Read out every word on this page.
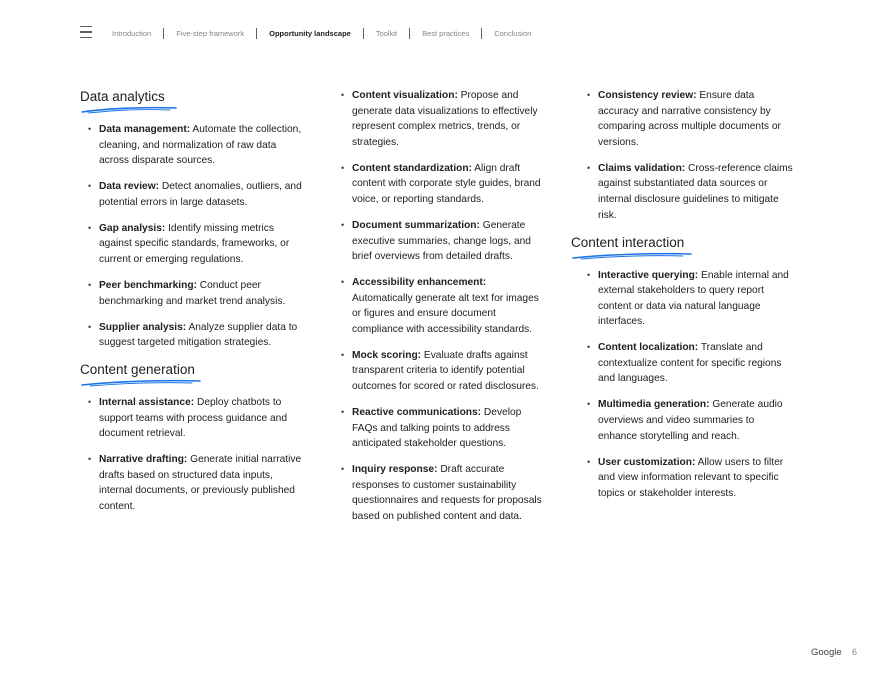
Introduction	Five-step framework	Opportunity landscape	Toolkit	Best practices	Conclusion
Data analytics
• Data management: Automate the collection, cleaning, and normalization of raw data across disparate sources.
• Data review: Detect anomalies, outliers, and potential errors in large datasets.
• Gap analysis: Identify missing metrics against specific standards, frameworks, or current or emerging regulations.
• Peer benchmarking: Conduct peer benchmarking and market trend analysis.
• Supplier analysis: Analyze supplier data to suggest targeted mitigation strategies.
Content generation
• Internal assistance: Deploy chatbots to support teams with process guidance and document retrieval.
• Narrative drafting: Generate initial narrative drafts based on structured data inputs, internal documents, or previously published content.
• Content visualization: Propose and generate data visualizations to effectively represent complex metrics, trends, or strategies.
• Content standardization: Align draft content with corporate style guides, brand voice, or reporting standards.
• Document summarization: Generate executive summaries, change logs, and brief overviews from detailed drafts.
• Accessibility enhancement: Automatically generate alt text for images or figures and ensure document compliance with accessibility standards.
• Mock scoring: Evaluate drafts against transparent criteria to identify potential outcomes for scored or rated disclosures.
• Reactive communications: Develop FAQs and talking points to address anticipated stakeholder questions.
• Inquiry response: Draft accurate responses to customer sustainability questionnaires and requests for proposals based on published content and data.
• Consistency review: Ensure data accuracy and narrative consistency by comparing across multiple documents or versions.
• Claims validation: Cross-reference claims against substantiated data sources or internal disclosure guidelines to mitigate risk.
Content interaction
• Interactive querying: Enable internal and external stakeholders to query report content or data via natural language interfaces.
• Content localization: Translate and contextualize content for specific regions and languages.
• Multimedia generation: Generate audio overviews and video summaries to enhance storytelling and reach.
• User customization: Allow users to filter and view information relevant to specific topics or stakeholder interests.
Google 6
